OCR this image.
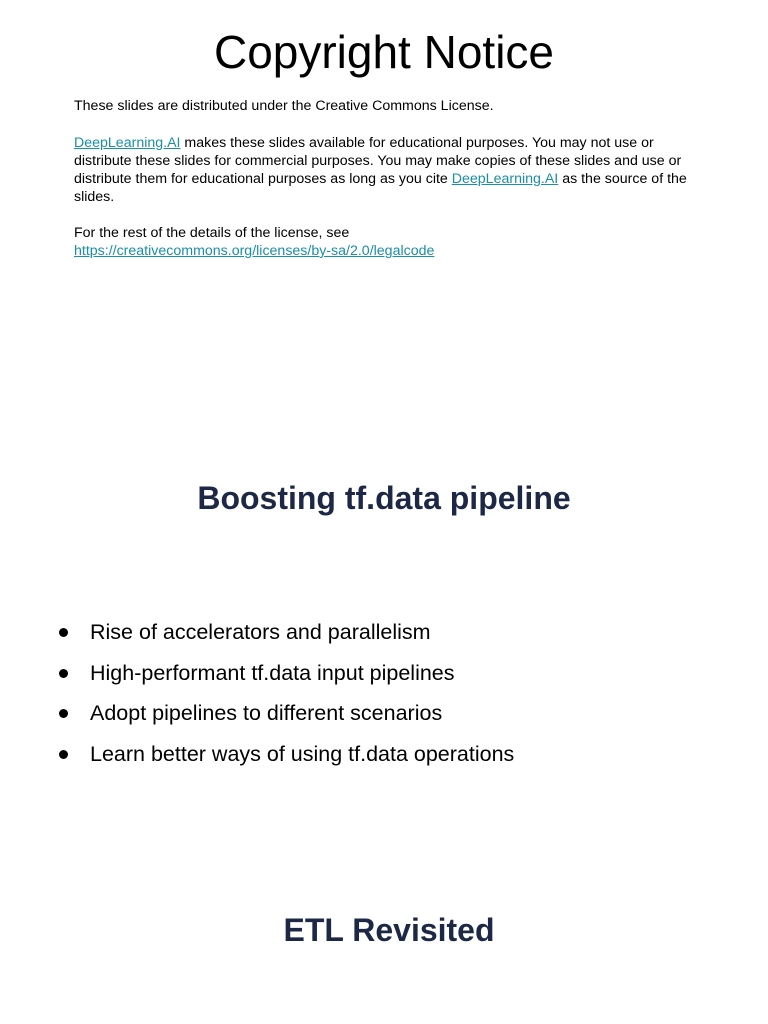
Copyright Notice

These slides are distributed under the Creative Commons License.

DeepLearning.AI makes these slides available for educational purposes. You may not use or distribute these slides for commercial purposes. You may make copies of these slides and use or distribute them for educational purposes as long as you cite DeepLearning.AI as the source of the slides.

For the rest of the details of the license, see
https://creativecommons.org/licenses/by-sa/2.0/legalcode

Boosting tf.data pipeline
Rise of accelerators and parallelism
High-performant tf.data input pipelines
Adopt pipelines to different scenarios
Learn better ways of using tf.data operations
ETL Revisited
